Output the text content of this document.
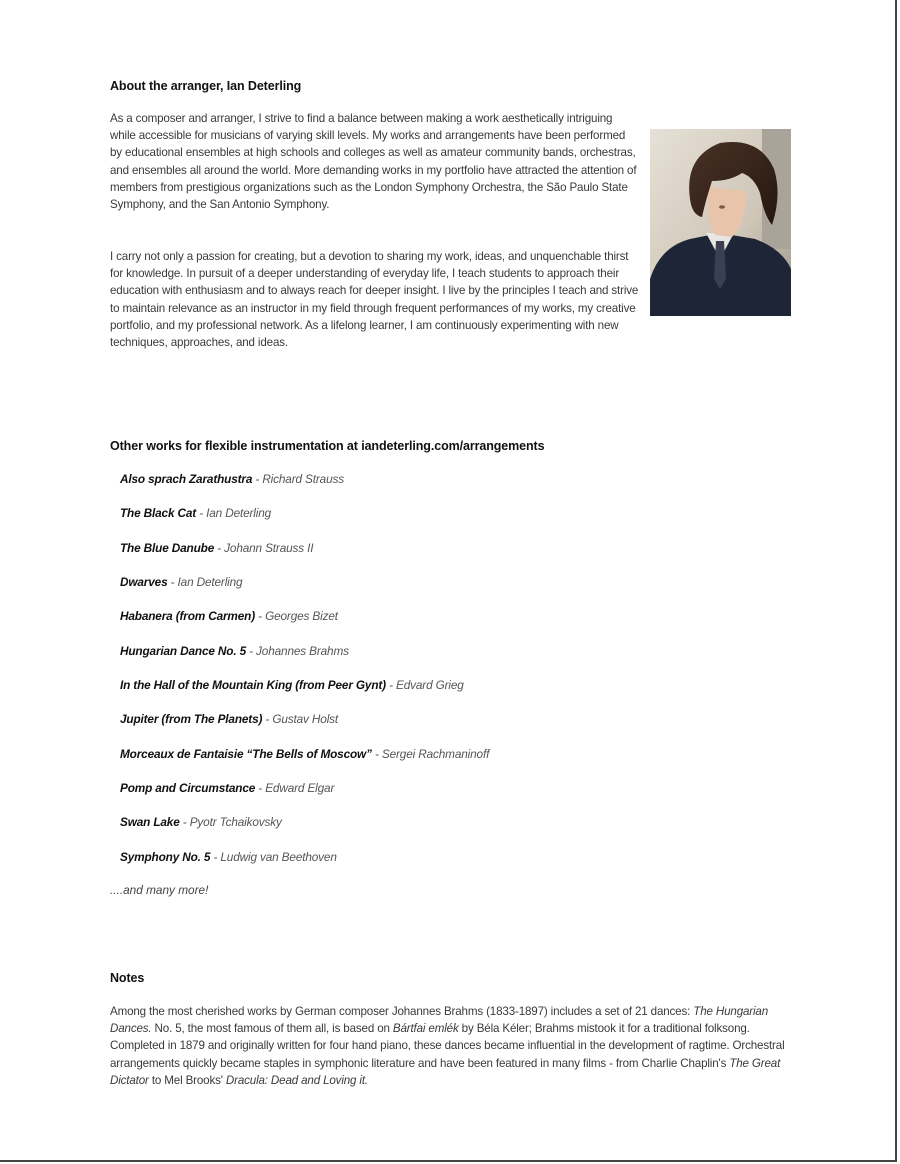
About the arranger, Ian Deterling

As a composer and arranger, I strive to find a balance between making a work aesthetically intriguing while accessible for musicians of varying skill levels. My works and arrangements have been performed by educational ensembles at high schools and colleges as well as amateur community bands, orchestras, and ensembles all around the world. More demanding works in my portfolio have attracted the attention of members from prestigious organizations such as the London Symphony Orchestra, the São Paulo State Symphony, and the San Antonio Symphony.

I carry not only a passion for creating, but a devotion to sharing my work, ideas, and unquenchable thirst for knowledge. In pursuit of a deeper understanding of everyday life, I teach students to approach their education with enthusiasm and to always reach for deeper insight. I live by the principles I teach and strive to maintain relevance as an instructor in my field through frequent performances of my works, my creative portfolio, and my professional network. As a lifelong learner, I am continuously experimenting with new techniques, approaches, and ideas.

Other works for flexible instrumentation at iandeterling.com/arrangements
Also sprach Zarathustra - Richard Strauss
The Black Cat - Ian Deterling
The Blue Danube - Johann Strauss II
Dwarves - Ian Deterling
Habanera (from Carmen) - Georges Bizet
Hungarian Dance No. 5 - Johannes Brahms
In the Hall of the Mountain King (from Peer Gynt) - Edvard Grieg
Jupiter (from The Planets) - Gustav Holst
Morceaux de Fantaisie “The Bells of Moscow” - Sergei Rachmaninoff
Pomp and Circumstance - Edward Elgar
Swan Lake - Pyotr Tchaikovsky
Symphony No. 5 - Ludwig van Beethoven
....and many more!
Notes

Among the most cherished works by German composer Johannes Brahms (1833-1897) includes a set of 21 dances: The Hungarian Dances. No. 5, the most famous of them all, is based on Bártfai emlék by Béla Kéler; Brahms mistook it for a traditional folksong. Completed in 1879 and originally written for four hand piano, these dances became influential in the development of ragtime. Orchestral arrangements quickly became staples in symphonic literature and have been featured in many films - from Charlie Chaplin's The Great Dictator to Mel Brooks' Dracula: Dead and Loving it.
